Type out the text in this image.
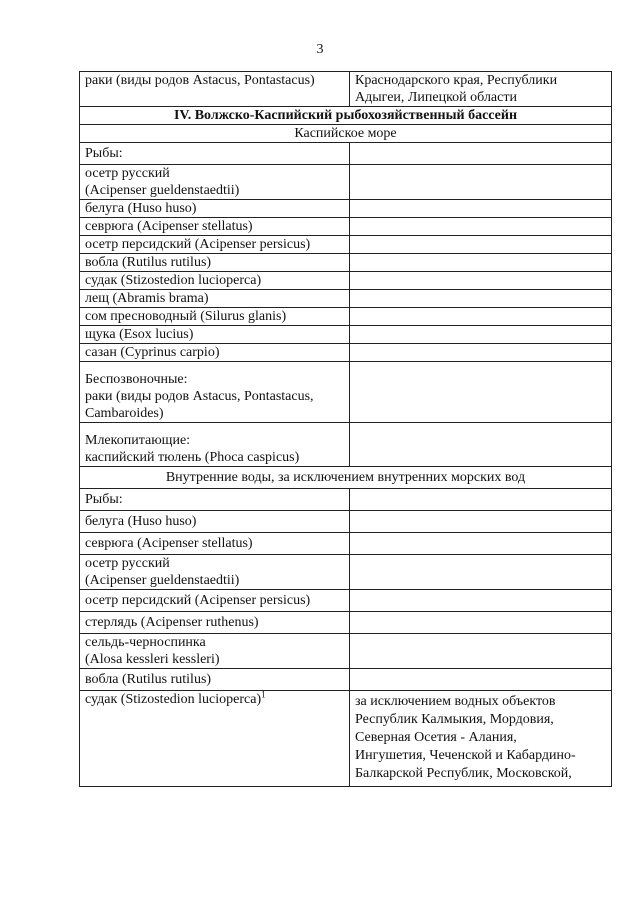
3
раки (виды родов Astacus, Pontastacus)	Краснодарского края, Республики
Адыгеи, Липецкой области

IV. Волжско-Каспийский рыбохозяйственный бассейн	
Каспийское море	
Рыбы:	

осетр русский
(Acipenser gueldenstaedtii)	

белуга (Huso huso)	

севрюга (Acipenser stellatus)	

осетр персидский (Acipenser persicus)	

вобла (Rutilus rutilus)	

судак (Stizostedion lucioperca)	

лещ (Abramis brama)	

сом пресноводный (Silurus glanis)	

щука (Esox lucius)	

сазан (Cyprinus carpio)	

Беспозвоночные:
раки (виды родов Astacus, Pontastacus,
Cambaroides)	

Млекопитающие:
каспийский тюлень (Phoca caspicus)	

Внутренние воды, за исключением внутренних морских вод	
Рыбы:	

белуга (Huso huso)	

севрюга (Acipenser stellatus)	

осетр русский
(Acipenser gueldenstaedtii)	

осетр персидский (Acipenser persicus)	

стерлядь (Acipenser ruthenus)	

сельдь-черноспинка
(Alosa kessleri kessleri)	

вобла (Rutilus rutilus)	

судак (Stizostedion lucioperca)$^1$	за исключением водных объектов
Республик Калмыкия, Мордовия,
Северная Осетия - Алания,
Ингушетия, Чеченской и Кабардино-
Балкарской Республик, Московской,
